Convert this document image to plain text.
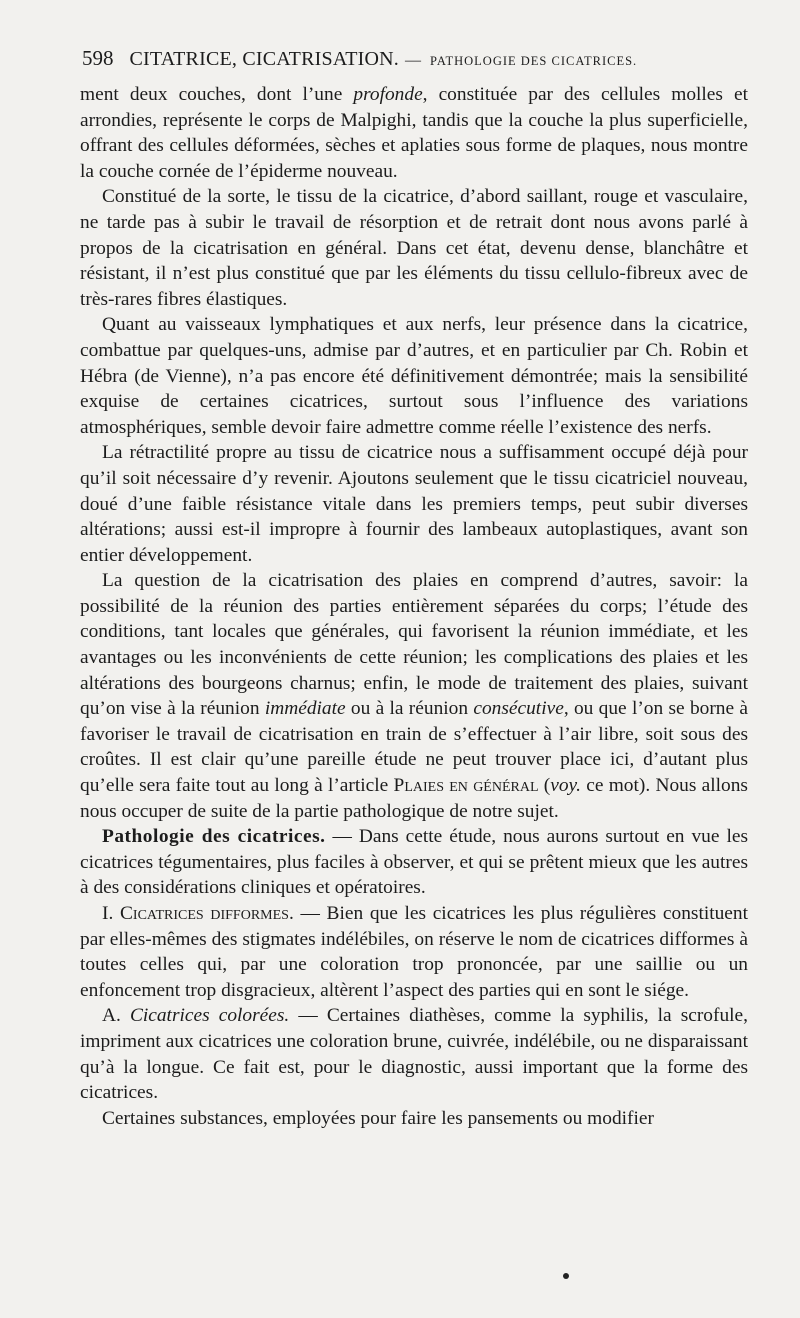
598 CITATRICE, CICATRISATION. — PATHOLOGIE DES CICATRICES.

ment deux couches, dont l’une profonde, constituée par des cellules molles et arrondies, représente le corps de Malpighi, tandis que la couche la plus superficielle, offrant des cellules déformées, sèches et aplaties sous forme de plaques, nous montre la couche cornée de l’épiderme nouveau.

Constitué de la sorte, le tissu de la cicatrice, d’abord saillant, rouge et vasculaire, ne tarde pas à subir le travail de résorption et de retrait dont nous avons parlé à propos de la cicatrisation en général. Dans cet état, devenu dense, blanchâtre et résistant, il n’est plus constitué que par les éléments du tissu cellulo-fibreux avec de très-rares fibres élastiques.

Quant au vaisseaux lymphatiques et aux nerfs, leur présence dans la cicatrice, combattue par quelques-uns, admise par d’autres, et en particulier par Ch. Robin et Hébra (de Vienne), n’a pas encore été définitivement démontrée; mais la sensibilité exquise de certaines cicatrices, surtout sous l’influence des variations atmosphériques, semble devoir faire admettre comme réelle l’existence des nerfs.

La rétractilité propre au tissu de cicatrice nous a suffisamment occupé déjà pour qu’il soit nécessaire d’y revenir. Ajoutons seulement que le tissu cicatriciel nouveau, doué d’une faible résistance vitale dans les premiers temps, peut subir diverses altérations; aussi est-il impropre à fournir des lambeaux autoplastiques, avant son entier développement.

La question de la cicatrisation des plaies en comprend d’autres, savoir: la possibilité de la réunion des parties entièrement séparées du corps; l’étude des conditions, tant locales que générales, qui favorisent la réunion immédiate, et les avantages ou les inconvénients de cette réunion; les complications des plaies et les altérations des bourgeons charnus; enfin, le mode de traitement des plaies, suivant qu’on vise à la réunion immédiate ou à la réunion consécutive, ou que l’on se borne à favoriser le travail de cicatrisation en train de s’effectuer à l’air libre, soit sous des croûtes. Il est clair qu’une pareille étude ne peut trouver place ici, d’autant plus qu’elle sera faite tout au long à l’article Plaies en général (voy. ce mot). Nous allons nous occuper de suite de la partie pathologique de notre sujet.

Pathologie des cicatrices. — Dans cette étude, nous aurons surtout en vue les cicatrices tégumentaires, plus faciles à observer, et qui se prêtent mieux que les autres à des considérations cliniques et opératoires.

I. Cicatrices difformes. — Bien que les cicatrices les plus régulières constituent par elles-mêmes des stigmates indélébiles, on réserve le nom de cicatrices difformes à toutes celles qui, par une coloration trop prononcée, par une saillie ou un enfoncement trop disgracieux, altèrent l’aspect des parties qui en sont le siége.

A. Cicatrices colorées. — Certaines diathèses, comme la syphilis, la scrofule, impriment aux cicatrices une coloration brune, cuivrée, indélébile, ou ne disparaissant qu’à la longue. Ce fait est, pour le diagnostic, aussi important que la forme des cicatrices.

Certaines substances, employées pour faire les pansements ou modifier
